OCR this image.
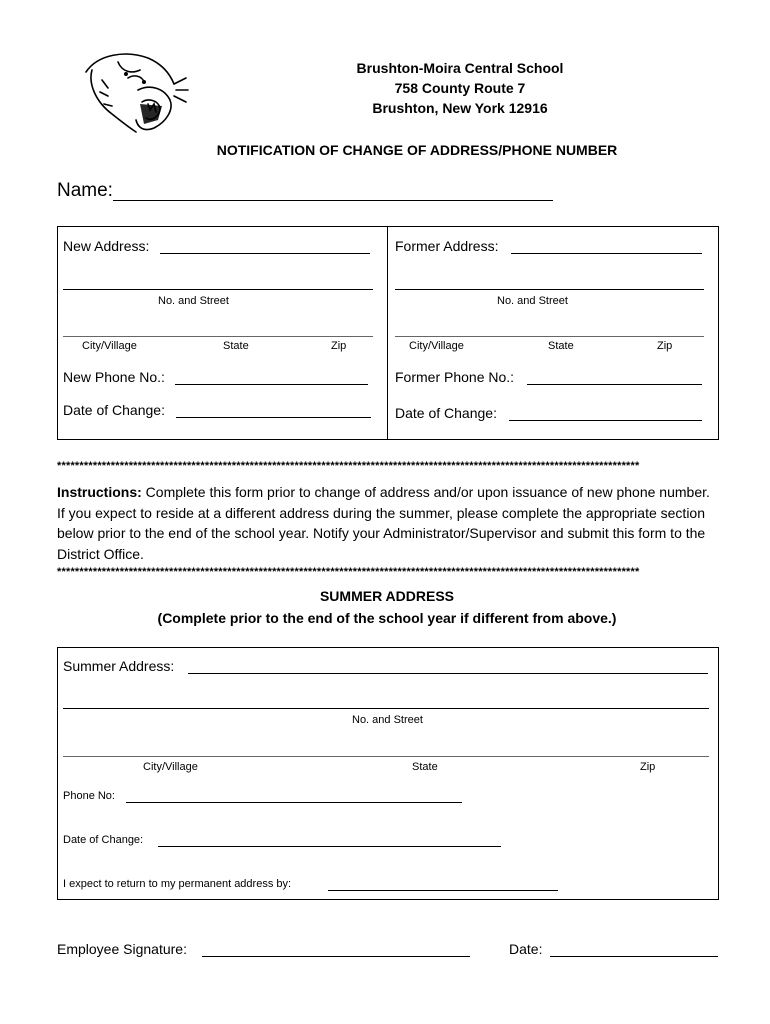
Brushton-Moira Central School
758 County Route 7
Brushton, New York 12916
NOTIFICATION OF CHANGE OF ADDRESS/PHONE NUMBER
Name:
New Address:
No. and Street
City/Village	State	Zip
New Phone No.:
Date of Change:
Former Address:
No. and Street
City/Village	State	Zip
Former Phone No.:
Date of Change:
**********************************************************************************************************************************
Instructions: Complete this form prior to change of address and/or upon issuance of new phone number. If you expect to reside at a different address during the summer, please complete the appropriate section below prior to the end of the school year. Notify your Administrator/Supervisor and submit this form to the District Office.
**********************************************************************************************************************************
SUMMER ADDRESS
(Complete prior to the end of the school year if different from above.)
Summer Address:
No. and Street
City/Village	State	Zip
Phone No:
Date of Change:
I expect to return to my permanent address by:
Employee Signature:	Date:
